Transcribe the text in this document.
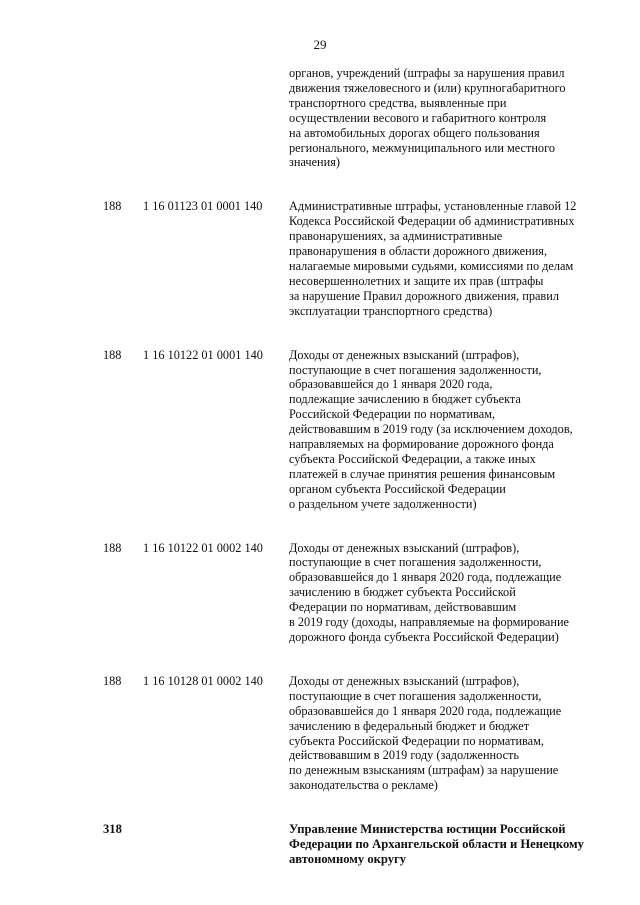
29
органов, учреждений (штрафы за нарушения правил
движения тяжеловесного и (или) крупногабаритного
транспортного средства, выявленные при
осуществлении весового и габаритного контроля
на автомобильных дорогах общего пользования
регионального, межмуниципального или местного
значения)
188	1 16 01123 01 0001 140	Административные штрафы, установленные главой 12
Кодекса Российской Федерации об административных
правонарушениях, за административные
правонарушения в области дорожного движения,
налагаемые мировыми судьями, комиссиями по делам
несовершеннолетних и защите их прав (штрафы
за нарушение Правил дорожного движения, правил
эксплуатации транспортного средства)
188	1 16 10122 01 0001 140	Доходы от денежных взысканий (штрафов),
поступающие в счет погашения задолженности,
образовавшейся до 1 января 2020 года,
подлежащие зачислению в бюджет субъекта
Российской Федерации по нормативам,
действовавшим в 2019 году (за исключением доходов,
направляемых на формирование дорожного фонда
субъекта Российской Федерации, а также иных
платежей в случае принятия решения финансовым
органом субъекта Российской Федерации
о раздельном учете задолженности)
188	1 16 10122 01 0002 140	Доходы от денежных взысканий (штрафов),
поступающие в счет погашения задолженности,
образовавшейся до 1 января 2020 года, подлежащие
зачислению в бюджет субъекта Российской
Федерации по нормативам, действовавшим
в 2019 году (доходы, направляемые на формирование
дорожного фонда субъекта Российской Федерации)
188	1 16 10128 01 0002 140	Доходы от денежных взысканий (штрафов),
поступающие в счет погашения задолженности,
образовавшейся до 1 января 2020 года, подлежащие
зачислению в федеральный бюджет и бюджет
субъекта Российской Федерации по нормативам,
действовавшим в 2019 году (задолженность
по денежным взысканиям (штрафам) за нарушение
законодательства о рекламе)
318	Управление Министерства юстиции Российской
Федерации по Архангельской области и Ненецкому
автономному округу
